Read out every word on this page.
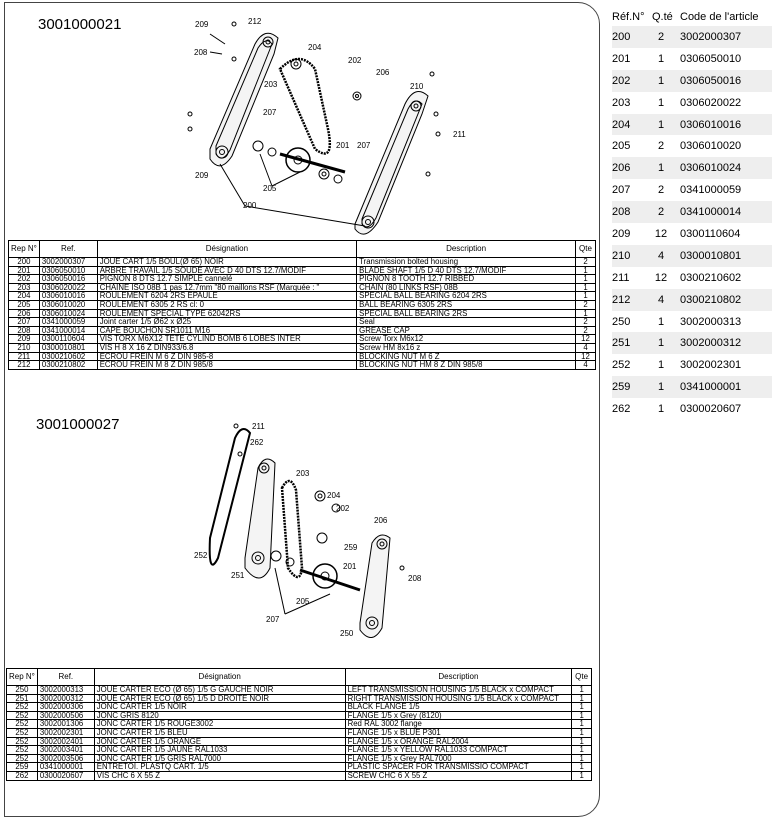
3001000021	209	212
208
204
202
206
203	210
211
207
201 207
209
205
200
Rep N°	Ref.	Désignation	Description	Qte
200	3002000307	JOUE CART 1/5 BOUL(Ø 65) NOIR	Transmission bolted housing	2
201	0306050010	ARBRE TRAVAIL 1/5 SOUDE AVEC D 40 DTS 12.7/MODIF	BLADE SHAFT 1/5 D 40 DTS 12.7/MODIF	1
202	0306050016	PIGNON 8 DTS 12.7 SIMPLE cannelé	PIGNON 8 TOOTH 12.7 RIBBED	1
203	0306020022	CHAINE ISO 08B 1 pas 12.7mm "80 maillons RSF (Marquée : "	CHAIN (80 LINKS RSF) 08B	1
204	0306010016	ROULEMENT 6204 2RS EPAULE	SPECIAL BALL BEARING 6204 2RS	1
205	0306010020	ROULEMENT 6305 2 RS cl: 0	BALL BEARING 6305 2RS	2
206	0306010024	ROULEMENT SPECIAL TYPE 62042RS	SPECIAL BALL BEARING 2RS	1
207	0341000059	Joint carter 1/5 Ø62 x Ø25	Seal	2
208	0341000014	CAPE BOUCHON SR1011 M16	GREASE CAP	2
209	0300110604	VIS TORX M6X12 TETE CYLIND BOMB 6 LOBES INTER	Screw Torx M6x12	12
210	0300010801	VIS H 8 X 16 Z DIN933/6.8	Screw HM 8x16 z	4
211	0300210602	ECROU FREIN M 6 Z DIN 985-8	BLOCKING NUT M 6 Z	12
212	0300210802	ECROU FREIN M 8 Z DIN 985/8	BLOCKING NUT HM 8 Z DIN 985/8	4
3001000027	211
262
203
204
202
206
259
201
208
252
251
205
250
207
Rep N°	Ref.	Désignation	Description	Qte
250	3002000313	JOUE CARTER ECO (Ø 65) 1/5 G GAUCHE NOIR	LEFT TRANSMISSION HOUSING 1/5 BLACK x COMPACT	1
251	3002000312	JOUE CARTER ECO (Ø 65) 1/5 D DROITE NOIR	RIGHT TRANSMISSION HOUSING 1/5 BLACK x COMPACT	1
252	3002000306	JONC CARTER 1/5 NOIR	BLACK FLANGE 1/5	1
252	3002000506	JONC GRIS 8120	FLANGE 1/5 x Grey (8120)	1
252	3002001306	JONC CARTER 1/5 ROUGE3002	Red RAL 3002 flange	1
252	3002002301	JONC CARTER 1/5 BLEU	FLANGE 1/5 x BLUE P301	1
252	3002002401	JONC CARTER 1/5 ORANGE	FLANGE 1/5 x ORANGE RAL2004	1
252	3002003401	JONC CARTER 1/5 JAUNE RAL1033	FLANGE 1/5 x YELLOW RAL1033 COMPACT	1
252	3002003506	JONC CARTER 1/5 GRIS RAL7000	FLANGE 1/5 x Grey RAL7000	1
259	0341000001	ENTRETOI. PLASTQ CART. 1/5	PLASTIC SPACER FOR TRANSMISSIO COMPACT	1
262	0300020607	VIS CHC 6 X 55 Z	SCREW CHC 6 X 55 Z	1
Réf.N° Q.té Code de l'article
200	2	3002000307
201	1	0306050010
202	1	0306050016
203	1	0306020022
204	1	0306010016
205	2	0306010020
206	1	0306010024
207	2	0341000059
208	2	0341000014
209	12	0300110604
210	4	0300010801
211	12	0300210602
212	4	0300210802
250	1	3002000313
251	1	3002000312
252	1	3002002301
259	1	0341000001
262	1	0300020607
